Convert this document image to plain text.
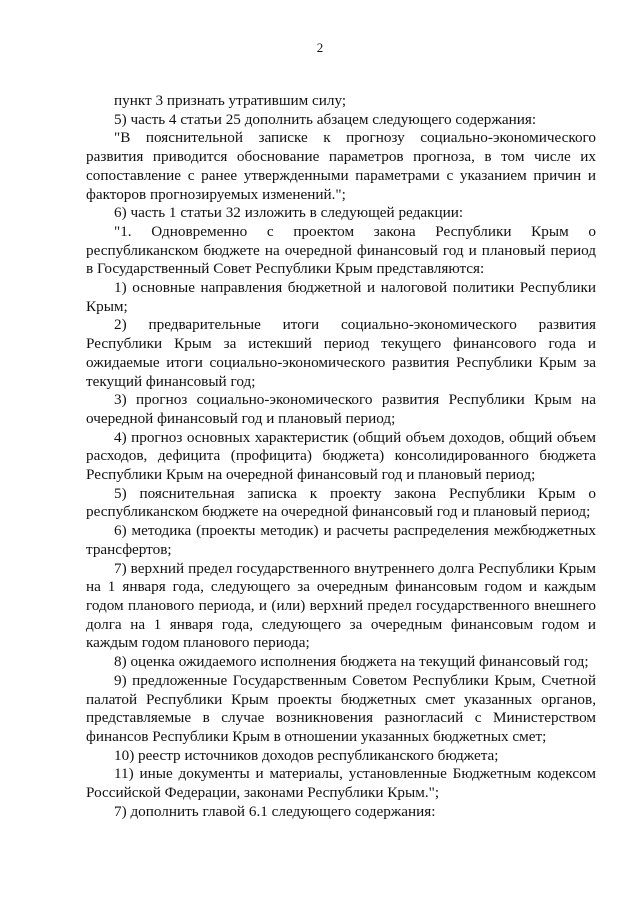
2

пункт 3 признать утратившим силу;

5) часть 4 статьи 25 дополнить абзацем следующего содержания:

"В пояснительной записке к прогнозу социально-экономического развития приводится обоснование параметров прогноза, в том числе их сопоставление с ранее утвержденными параметрами с указанием причин и факторов прогнозируемых изменений.";

6) часть 1 статьи 32 изложить в следующей редакции:

"1. Одновременно с проектом закона Республики Крым о республиканском бюджете на очередной финансовый год и плановый период в Государственный Совет Республики Крым представляются:

1) основные направления бюджетной и налоговой политики Республики Крым;

2) предварительные итоги социально-экономического развития Республики Крым за истекший период текущего финансового года и ожидаемые итоги социально-экономического развития Республики Крым за текущий финансовый год;

3) прогноз социально-экономического развития Республики Крым на очередной финансовый год и плановый период;

4) прогноз основных характеристик (общий объем доходов, общий объем расходов, дефицита (профицита) бюджета) консолидированного бюджета Республики Крым на очередной финансовый год и плановый период;

5) пояснительная записка к проекту закона Республики Крым о республиканском бюджете на очередной финансовый год и плановый период;

6) методика (проекты методик) и расчеты распределения межбюджетных трансфертов;

7) верхний предел государственного внутреннего долга Республики Крым на 1 января года, следующего за очередным финансовым годом и каждым годом планового периода, и (или) верхний предел государственного внешнего долга на 1 января года, следующего за очередным финансовым годом и каждым годом планового периода;

8) оценка ожидаемого исполнения бюджета на текущий финансовый год;

9) предложенные Государственным Советом Республики Крым, Счетной палатой Республики Крым проекты бюджетных смет указанных органов, представляемые в случае возникновения разногласий с Министерством финансов Республики Крым в отношении указанных бюджетных смет;

10) реестр источников доходов республиканского бюджета;

11) иные документы и материалы, установленные Бюджетным кодексом Российской Федерации, законами Республики Крым.";

7) дополнить главой 6.1 следующего содержания:
